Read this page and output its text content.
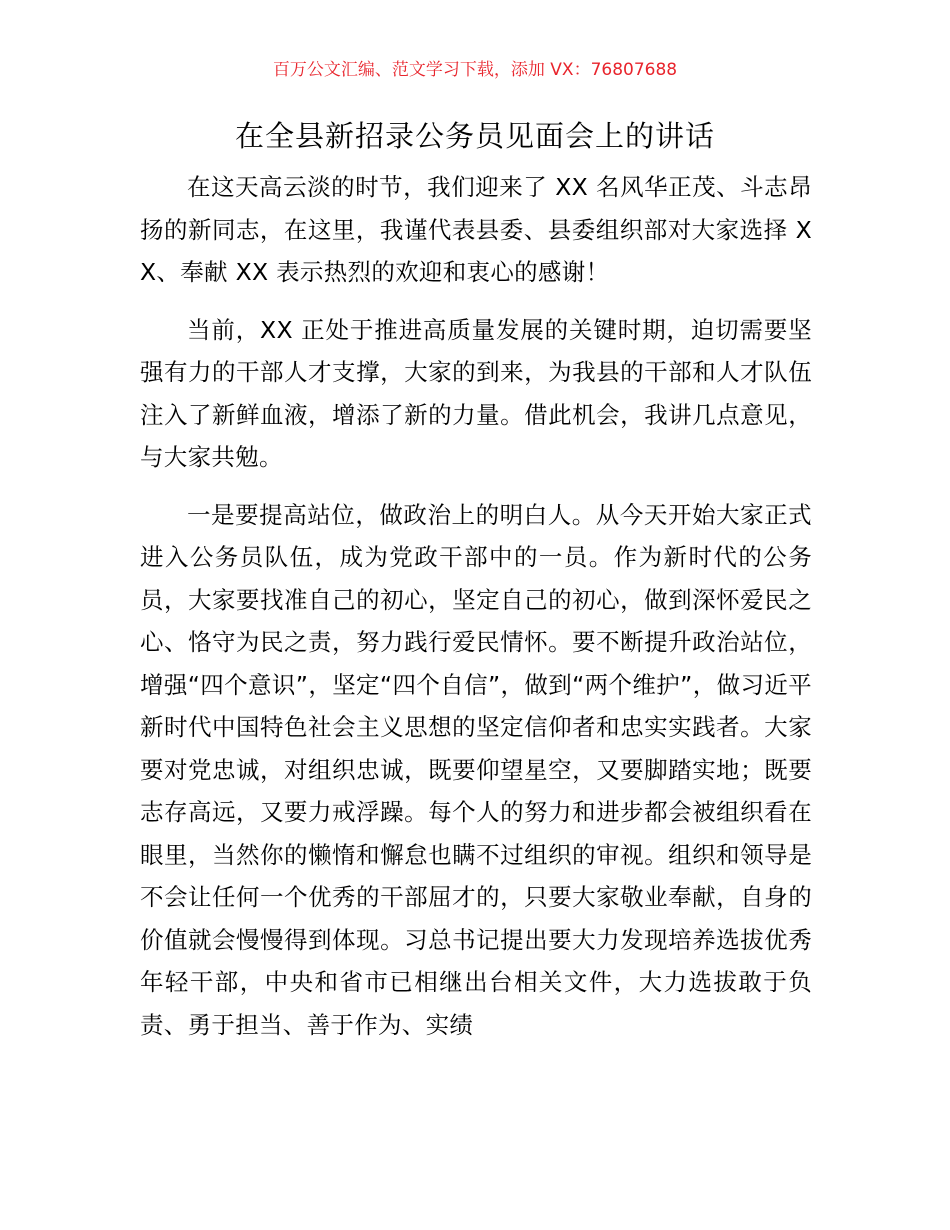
百万公文汇编、范文学习下载，添加 VX：76807688
在全县新招录公务员见面会上的讲话

在这天高云淡的时节，我们迎来了 XX 名风华正茂、斗志昂扬的新同志，在这里，我谨代表县委、县委组织部对大家选择 XX、奉献 XX 表示热烈的欢迎和衷心的感谢！

当前，XX 正处于推进高质量发展的关键时期，迫切需要坚强有力的干部人才支撑，大家的到来，为我县的干部和人才队伍注入了新鲜血液，增添了新的力量。借此机会，我讲几点意见，与大家共勉。

一是要提高站位，做政治上的明白人。从今天开始大家正式进入公务员队伍，成为党政干部中的一员。作为新时代的公务员，大家要找准自己的初心，坚定自己的初心，做到深怀爱民之心、恪守为民之责，努力践行爱民情怀。要不断提升政治站位，增强“四个意识”，坚定“四个自信”，做到“两个维护”，做习近平新时代中国特色社会主义思想的坚定信仰者和忠实实践者。大家要对党忠诚，对组织忠诚，既要仰望星空，又要脚踏实地；既要志存高远，又要力戒浮躁。每个人的努力和进步都会被组织看在眼里，当然你的懒惰和懈怠也瞒不过组织的审视。组织和领导是不会让任何一个优秀的干部屈才的，只要大家敬业奉献，自身的价值就会慢慢得到体现。习总书记提出要大力发现培养选拔优秀年轻干部，中央和省市已相继出台相关文件，大力选拔敢于负责、勇于担当、善于作为、实绩
